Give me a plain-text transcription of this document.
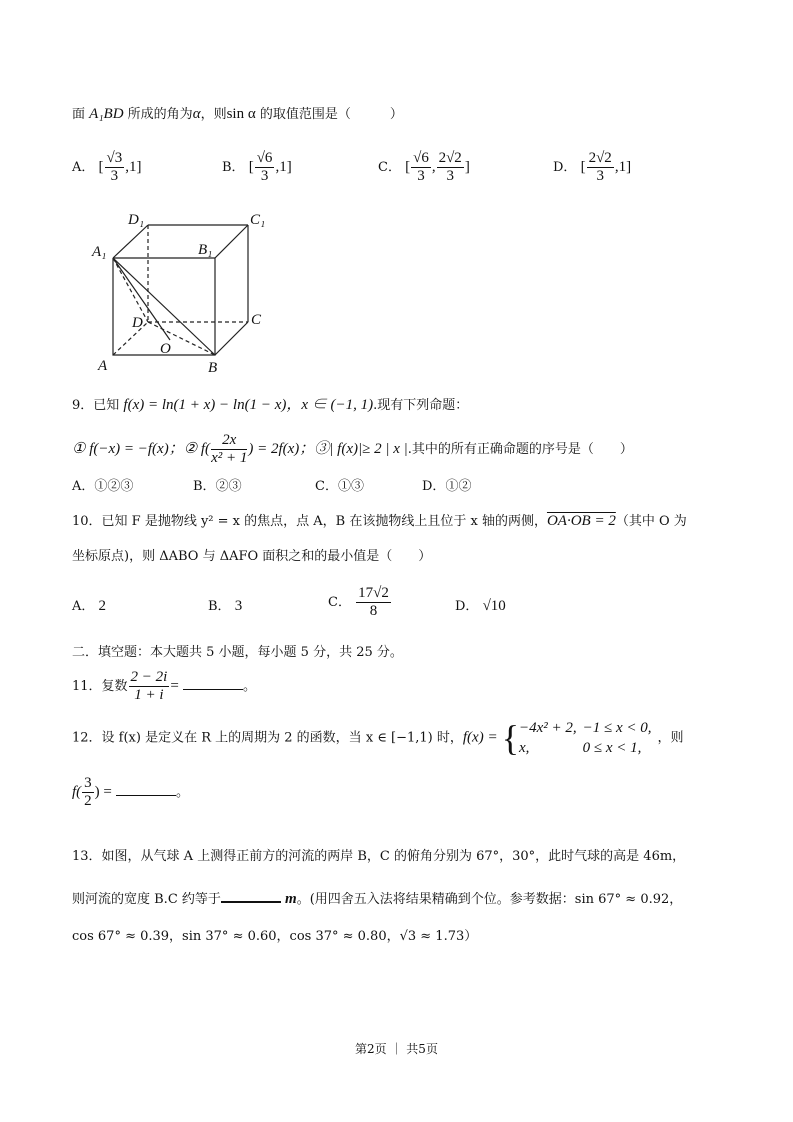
面 A₁BD 所成的角为α，则sin α 的取值范围是（　　　）
A． [ $\frac{√3}{3} ,1$]	B． [ $\frac{√6}{3} ,1$]	C． [ $\frac{√6}{3}$ , $\frac{2√2}{3}$ ]	D． [ $\frac{2√2}{3} ,1$]
D₁	C₁
A₁	B₁
D	C
O
A	B
9．已知 f(x) = ln(1 + x) − ln(1 − x)，x ∈ (−1, 1).现有下列命题：
① f(−x) = −f(x)；② $f( \frac{2x}{\text{x² + 1}}$ ) = 2f(x)；③| f(x)|≥ 2 | x |.其中的所有正确命题的序号是（　　）
A．①②③	B．②③	C．①③	D．①②
10．已知 F 是抛物线 y² = x 的焦点，点 A，B 在该抛物线上且位于 x 轴的两侧，OA·OB = 2（其中 O 为
坐标原点)，则 ΔABO 与 ΔAFO 面积之和的最小值是（　　）
A． 2	B． 3	C． $\frac{17√2}{8}$	D． √10
二．填空题：本大题共 5 小题，每小题 5 分，共 25 分。
11．复数 $\frac{2 - 2i}{1 + i}$ =	。
12．设 f(x) 是定义在 R 上的周期为 2 的函数，当 x ∈ [−1,1) 时，f(x) = { −4x² + 2,	−1 ≤ x < 0,
x,	0 ≤ x < 1,，则
$f( \frac{3}{2}$ ) =	。
13．如图，从气球 A 上测得正前方的河流的两岸 B，C 的俯角分别为 67°，30°，此时气球的高是 46m，
则河流的宽度 B.C 约等于	m。(用四舍五入法将结果精确到个位。参考数据：sin 67° ≈ 0.92，
cos 67° ≈ 0.39，sin 37° ≈ 0.60，cos 37° ≈ 0.80，√3 ≈ 1.73）
第2页 ｜ 共5页
